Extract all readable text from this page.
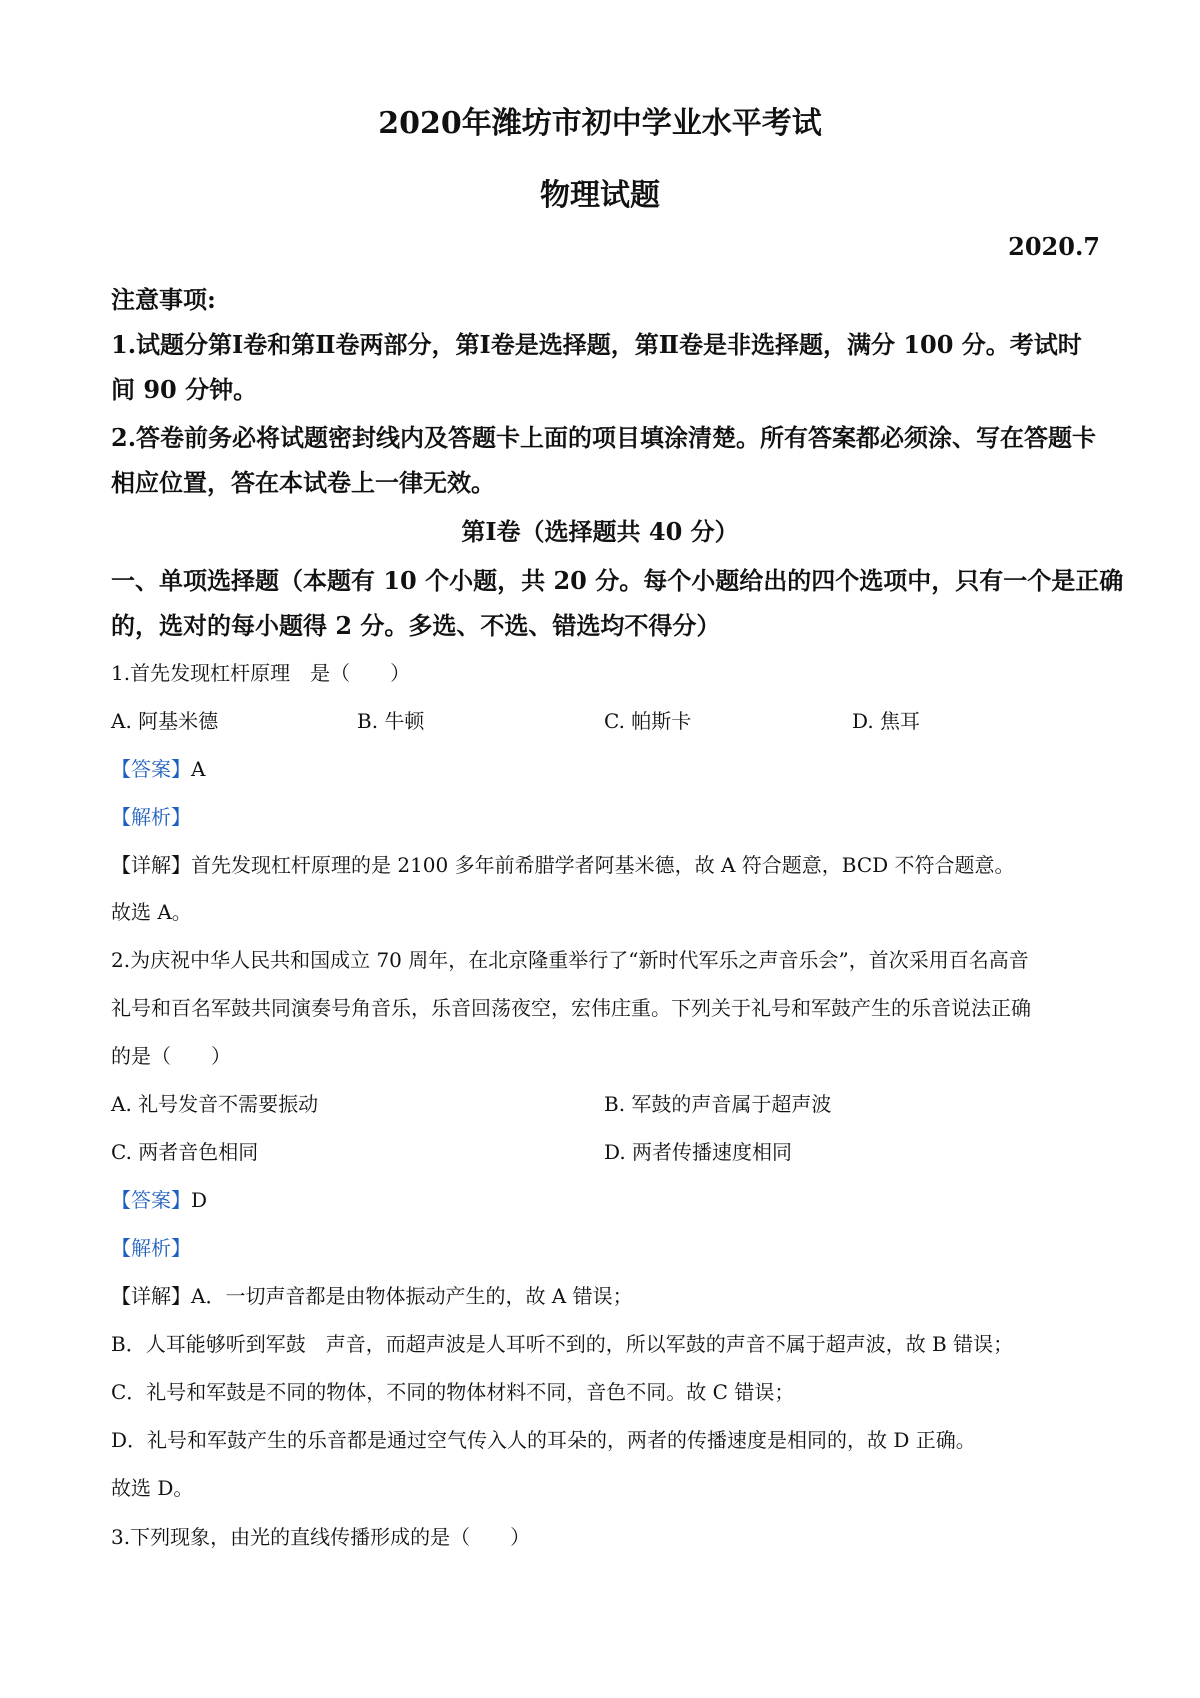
2020年潍坊市初中学业水平考试
物理试题
2020.7
注意事项:
1.试题分第Ⅰ卷和第Ⅱ卷两部分，第Ⅰ卷是选择题，第Ⅱ卷是非选择题，满分 100 分。考试时
间 90 分钟。
2.答卷前务必将试题密封线内及答题卡上面的项目填涂清楚。所有答案都必须涂、写在答题卡
相应位置，答在本试卷上一律无效。
第Ⅰ卷（选择题共 40 分）
一、单项选择题（本题有 10 个小题，共 20 分。每个小题给出的四个选项中，只有一个是正确
的，选对的每小题得 2 分。多选、不选、错选均不得分）
1.首先发现杠杆原理　是（　　）
A. 阿基米德	B. 牛顿	C. 帕斯卡	D. 焦耳
【答案】A
【解析】
【详解】首先发现杠杆原理的是 2100 多年前希腊学者阿基米德，故 A 符合题意，BCD 不符合题意。
故选 A。
2.为庆祝中华人民共和国成立 70 周年，在北京隆重举行了“新时代军乐之声音乐会”，首次采用百名高音
礼号和百名军鼓共同演奏号角音乐，乐音回荡夜空，宏伟庄重。下列关于礼号和军鼓产生的乐音说法正确
的是（　　）
A. 礼号发音不需要振动	B. 军鼓的声音属于超声波
C. 两者音色相同	D. 两者传播速度相同
【答案】D
【解析】
【详解】A．一切声音都是由物体振动产生的，故 A 错误；
B．人耳能够听到军鼓　声音，而超声波是人耳听不到的，所以军鼓的声音不属于超声波，故 B 错误；
C．礼号和军鼓是不同的物体，不同的物体材料不同，音色不同。故 C 错误；
D．礼号和军鼓产生的乐音都是通过空气传入人的耳朵的，两者的传播速度是相同的，故 D 正确。
故选 D。
3.下列现象，由光的直线传播形成的是（　　）
